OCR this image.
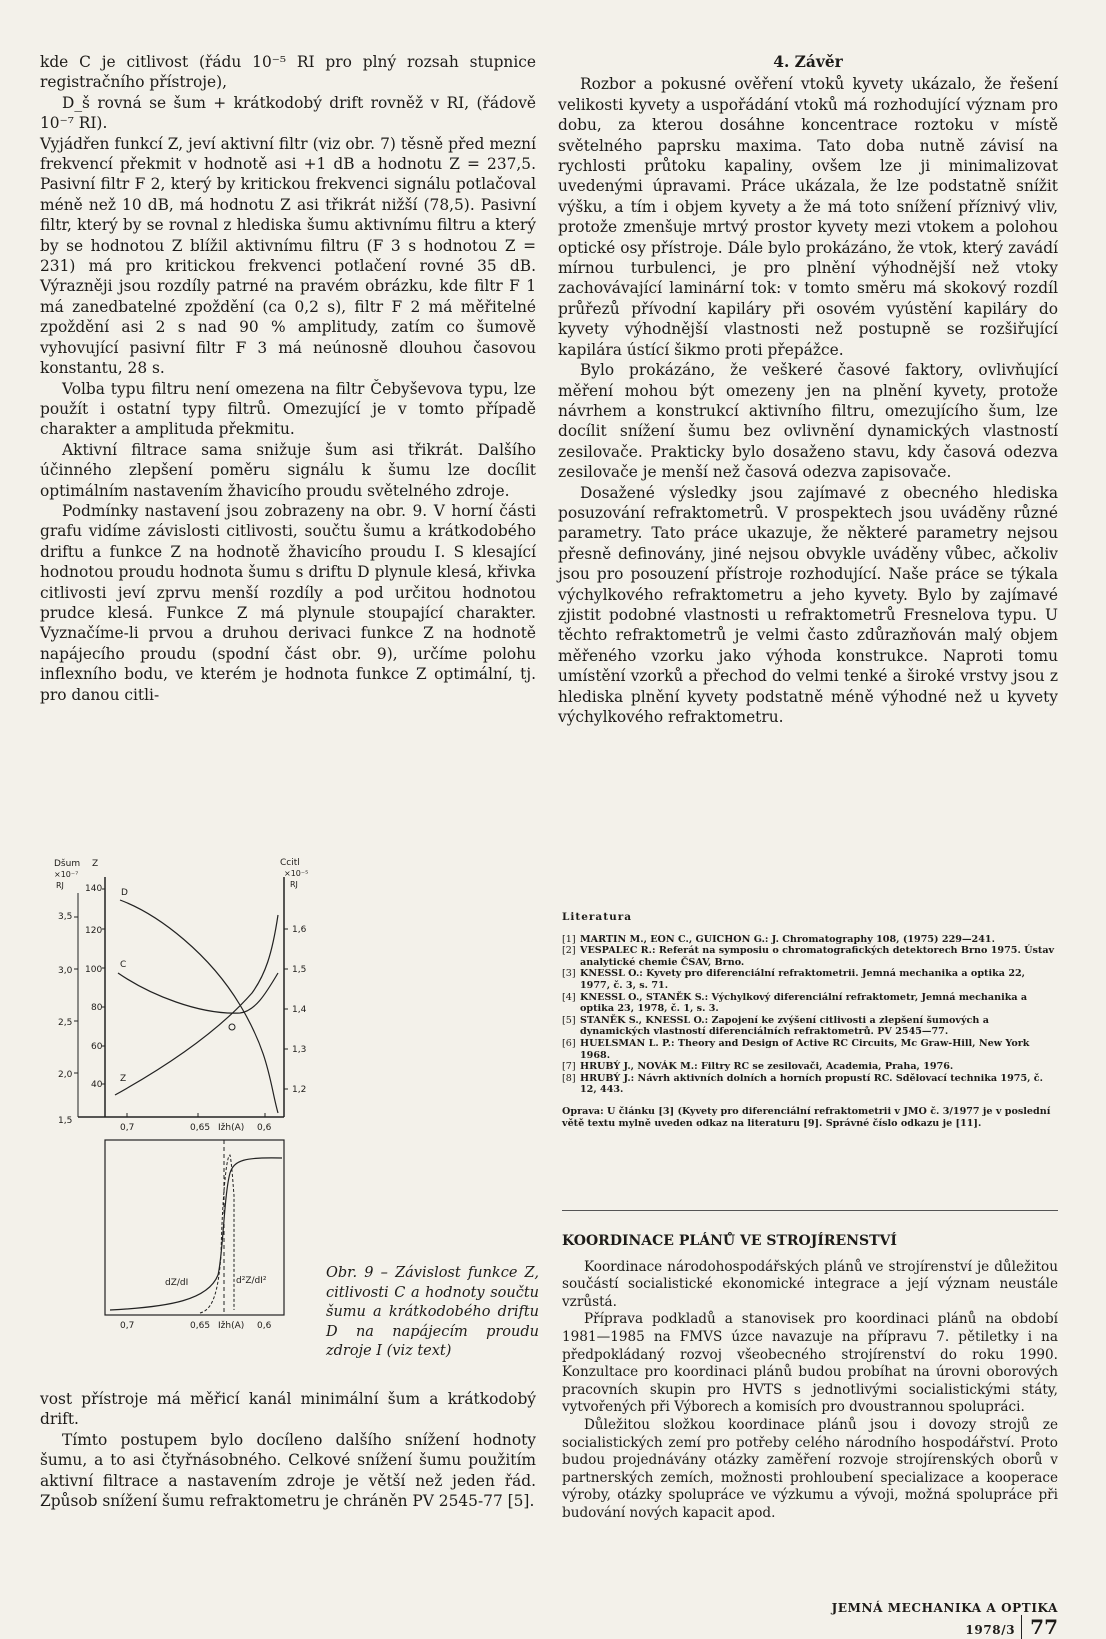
kde C je citlivost (řádu 10⁻⁵ RI pro plný rozsah stupnice registračního přístroje),

D_š rovná se šum + krátkodobý drift rovněž v RI, (řádově 10⁻⁷ RI).

Vyjádřen funkcí Z, jeví aktivní filtr (viz obr. 7) těsně před mezní frekvencí překmit v hodnotě asi +1 dB a hodnotu Z = 237,5. Pasivní filtr F 2, který by kritickou frekvenci signálu potlačoval méně než 10 dB, má hodnotu Z asi třikrát nižší (78,5). Pasivní filtr, který by se rovnal z hlediska šumu aktivnímu filtru a který by se hodnotou Z blížil aktivnímu filtru (F 3 s hodnotou Z = 231) má pro kritickou frekvenci potlačení rovné 35 dB. Výrazněji jsou rozdíly patrné na pravém obrázku, kde filtr F 1 má zanedbatelné zpoždění (ca 0,2 s), filtr F 2 má měřitelné zpoždění asi 2 s nad 90 % amplitudy, zatím co šumově vyhovující pasivní filtr F 3 má neúnosně dlouhou časovou konstantu, 28 s.

Volba typu filtru není omezena na filtr Čebyševova typu, lze použít i ostatní typy filtrů. Omezující je v tomto případě charakter a amplituda překmitu.

Aktivní filtrace sama snižuje šum asi třikrát. Dalšího účinného zlepšení poměru signálu k šumu lze docílit optimálním nastavením žhavicího proudu světelného zdroje.

Podmínky nastavení jsou zobrazeny na obr. 9. V horní části grafu vidíme závislosti citlivosti, součtu šumu a krátkodobého driftu a funkce Z na hodnotě žhavicího proudu I. S klesající hodnotou proudu hodnota šumu s driftu D plynule klesá, křivka citlivosti jeví zprvu menší rozdíly a pod určitou hodnotou prudce klesá. Funkce Z má plynule stoupající charakter. Vyznačíme-li prvou a druhou derivaci funkce Z na hodnotě napájecího proudu (spodní část obr. 9), určíme polohu inflexního bodu, ve kterém je hodnota funkce Z optimální, tj. pro danou citli-

Dšum Z
×10⁻⁷
RJ
Ccitl
×10⁻⁵
RJ
3,5
3,0
2,5
2,0
1,5
140
120
100
80
60
40
1,6
1,5
1,4
1,3
1,2
D
C
Z
0,7	0,65 Ižh(A) 0,6
dZ/dI	d²Z/dI²
0,7	0,65 Ižh(A) 0,6
Obr. 9 – Závislost funkce Z, citlivosti C a hodnoty součtu šumu a krátkodobého driftu D na napájecím proudu zdroje I (viz text)

vost přístroje má měřicí kanál minimální šum a krátkodobý drift.

Tímto postupem bylo docíleno dalšího snížení hodnoty šumu, a to asi čtyřnásobného. Celkové snížení šumu použitím aktivní filtrace a nastavením zdroje je větší než jeden řád. Způsob snížení šumu refraktometru je chráněn PV 2545-77 [5].

4. Závěr

Rozbor a pokusné ověření vtoků kyvety ukázalo, že řešení velikosti kyvety a uspořádání vtoků má rozhodující význam pro dobu, za kterou dosáhne koncentrace roztoku v místě světelného paprsku maxima. Tato doba nutně závisí na rychlosti průtoku kapaliny, ovšem lze ji minimalizovat uvedenými úpravami. Práce ukázala, že lze podstatně snížit výšku, a tím i objem kyvety a že má toto snížení příznivý vliv, protože zmenšuje mrtvý prostor kyvety mezi vtokem a polohou optické osy přístroje. Dále bylo prokázáno, že vtok, který zavádí mírnou turbulenci, je pro plnění výhodnější než vtoky zachovávající laminární tok: v tomto směru má skokový rozdíl průřezů přívodní kapiláry při osovém vyústění kapiláry do kyvety výhodnější vlastnosti než postupně se rozšiřující kapilára ústící šikmo proti přepážce.

Bylo prokázáno, že veškeré časové faktory, ovlivňující měření mohou být omezeny jen na plnění kyvety, protože návrhem a konstrukcí aktivního filtru, omezujícího šum, lze docílit snížení šumu bez ovlivnění dynamických vlastností zesilovače. Prakticky bylo dosaženo stavu, kdy časová odezva zesilovače je menší než časová odezva zapisovače.

Dosažené výsledky jsou zajímavé z obecného hlediska posuzování refraktometrů. V prospektech jsou uváděny různé parametry. Tato práce ukazuje, že některé parametry nejsou přesně definovány, jiné nejsou obvykle uváděny vůbec, ačkoliv jsou pro posouzení přístroje rozhodující. Naše práce se týkala výchylkového refraktometru a jeho kyvety. Bylo by zajímavé zjistit podobné vlastnosti u refraktometrů Fresnelova typu. U těchto refraktometrů je velmi často zdůrazňován malý objem měřeného vzorku jako výhoda konstrukce. Naproti tomu umístění vzorků a přechod do velmi tenké a široké vrstvy jsou z hlediska plnění kyvety podstatně méně výhodné než u kyvety výchylkového refraktometru.

Literatura
[1] MARTIN M., EON C., GUICHON G.: J. Chromatography 108, (1975) 229—241.
[2] VESPALEC R.: Referát na symposiu o chromatografických detektorech Brno 1975. Ústav analytické chemie ČSAV, Brno.
[3] KNESSL O.: Kyvety pro diferenciální refraktometrii. Jemná mechanika a optika 22, 1977, č. 3, s. 71.
[4] KNESSL O., STANĚK S.: Výchylkový diferenciální refraktometr, Jemná mechanika a optika 23, 1978, č. 1, s. 3.
[5] STANĚK S., KNESSL O.: Zapojení ke zvýšení citlivosti a zlepšení šumových a dynamických vlastností diferenciálních refraktometrů. PV 2545—77.
[6] HUELSMAN L. P.: Theory and Design of Active RC Circuits, Mc Graw-Hill, New York 1968.
[7] HRUBÝ J., NOVÁK M.: Filtry RC se zesilovači, Academia, Praha, 1976.
[8] HRUBÝ J.: Návrh aktivních dolních a horních propustí RC. Sdělovací technika 1975, č. 12, 443.
Oprava: U článku [3] (Kyvety pro diferenciální refraktometrii v JMO č. 3/1977 je v poslední větě textu mylně uveden odkaz na literaturu [9]. Správné číslo odkazu je [11].
KOORDINACE PLÁNŮ VE STROJÍRENSTVÍ

Koordinace národohospodářských plánů ve strojírenství je důležitou součástí socialistické ekonomické integrace a její význam neustále vzrůstá.

Příprava podkladů a stanovisek pro koordinaci plánů na období 1981—1985 na FMVS úzce navazuje na přípravu 7. pětiletky i na předpokládaný rozvoj všeobecného strojírenství do roku 1990. Konzultace pro koordinaci plánů budou probíhat na úrovni oborových pracovních skupin pro HVTS s jednotlivými socialistickými státy, vytvořených při Výborech a komisích pro dvoustrannou spolupráci.

Důležitou složkou koordinace plánů jsou i dovozy strojů ze socialistických zemí pro potřeby celého národního hospodářství. Proto budou projednávány otázky zaměření rozvoje strojírenských oborů v partnerských zemích, možnosti prohloubení specializace a kooperace výroby, otázky spolupráce ve výzkumu a vývoji, možná spolupráce při budování nových kapacit apod.

JEMNÁ MECHANIKA A OPTIKA 1978/3 77
